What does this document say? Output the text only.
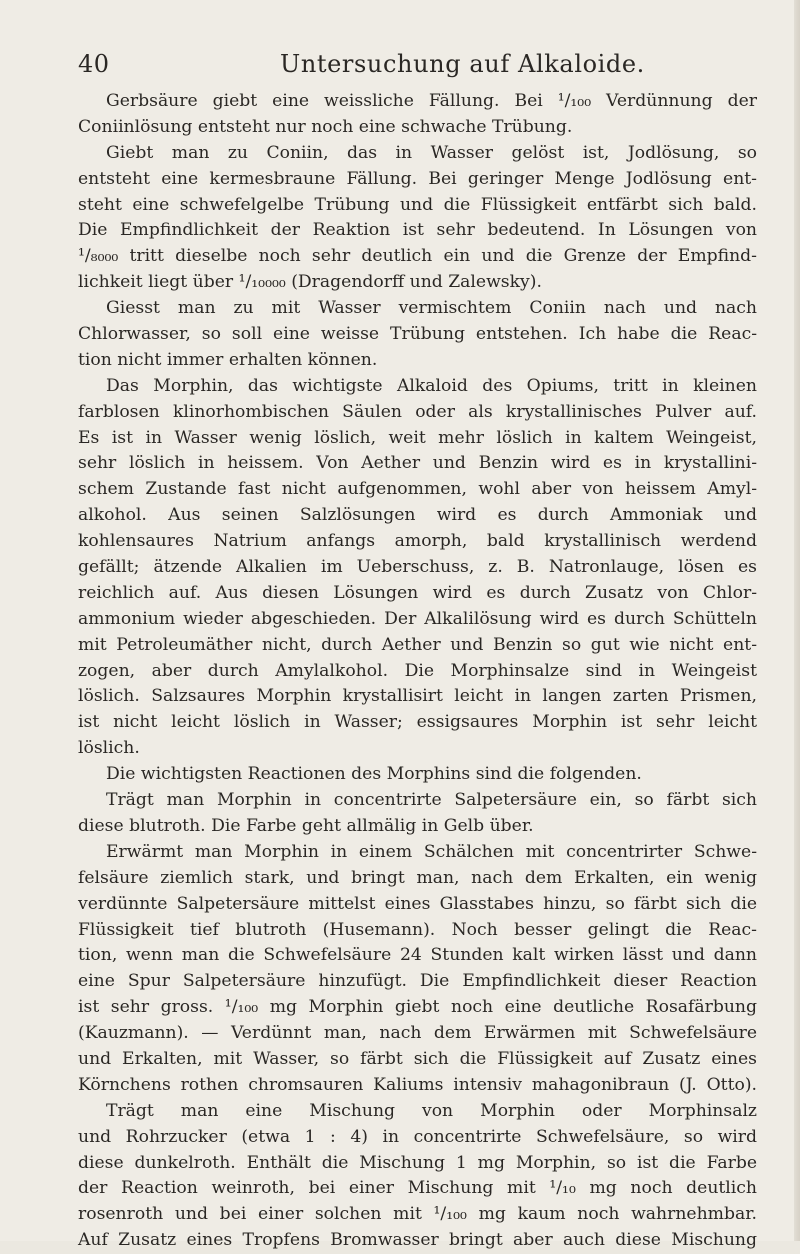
40	Untersuchung auf Alkaloide.
Gerbsäure giebt eine weissliche Fällung. Bei ¹/₁₀₀ Verdünnung der
Coniinlösung entsteht nur noch eine schwache Trübung.
Giebt man zu Coniin, das in Wasser gelöst ist, Jodlösung, so
entsteht eine kermesbraune Fällung. Bei geringer Menge Jodlösung ent-
steht eine schwefelgelbe Trübung und die Flüssigkeit entfärbt sich bald.
Die Empfindlichkeit der Reaktion ist sehr bedeutend. In Lösungen von
¹/₈₀₀₀ tritt dieselbe noch sehr deutlich ein und die Grenze der Empfind-
lichkeit liegt über ¹/₁₀₀₀₀ (Dragendorff und Zalewsky).
Giesst man zu mit Wasser vermischtem Coniin nach und nach
Chlorwasser, so soll eine weisse Trübung entstehen. Ich habe die Reac-
tion nicht immer erhalten können.
Das Morphin, das wichtigste Alkaloid des Opiums, tritt in kleinen
farblosen klinorhombischen Säulen oder als krystallinisches Pulver auf.
Es ist in Wasser wenig löslich, weit mehr löslich in kaltem Weingeist,
sehr löslich in heissem. Von Aether und Benzin wird es in krystallini-
schem Zustande fast nicht aufgenommen, wohl aber von heissem Amyl-
alkohol. Aus seinen Salzlösungen wird es durch Ammoniak und
kohlensaures Natrium anfangs amorph, bald krystallinisch werdend
gefällt; ätzende Alkalien im Ueberschuss, z. B. Natronlauge, lösen es
reichlich auf. Aus diesen Lösungen wird es durch Zusatz von Chlor-
ammonium wieder abgeschieden. Der Alkalilösung wird es durch Schütteln
mit Petroleumäther nicht, durch Aether und Benzin so gut wie nicht ent-
zogen, aber durch Amylalkohol. Die Morphinsalze sind in Weingeist
löslich. Salzsaures Morphin krystallisirt leicht in langen zarten Prismen,
ist nicht leicht löslich in Wasser; essigsaures Morphin ist sehr leicht
löslich.
Die wichtigsten Reactionen des Morphins sind die folgenden.
Trägt man Morphin in concentrirte Salpetersäure ein, so färbt sich
diese blutroth. Die Farbe geht allmälig in Gelb über.
Erwärmt man Morphin in einem Schälchen mit concentrirter Schwe-
felsäure ziemlich stark, und bringt man, nach dem Erkalten, ein wenig
verdünnte Salpetersäure mittelst eines Glasstabes hinzu, so färbt sich die
Flüssigkeit tief blutroth (Husemann). Noch besser gelingt die Reac-
tion, wenn man die Schwefelsäure 24 Stunden kalt wirken lässt und dann
eine Spur Salpetersäure hinzufügt. Die Empfindlichkeit dieser Reaction
ist sehr gross. ¹/₁₀₀ mg Morphin giebt noch eine deutliche Rosafärbung
(Kauzmann). — Verdünnt man, nach dem Erwärmen mit Schwefelsäure
und Erkalten, mit Wasser, so färbt sich die Flüssigkeit auf Zusatz eines
Körnchens rothen chromsauren Kaliums intensiv mahagonibraun (J. Otto).
Trägt man eine Mischung von Morphin oder Morphinsalz
und Rohrzucker (etwa 1 : 4) in concentrirte Schwefelsäure, so wird
diese dunkelroth. Enthält die Mischung 1 mg Morphin, so ist die Farbe
der Reaction weinroth, bei einer Mischung mit ¹/₁₀ mg noch deutlich
rosenroth und bei einer solchen mit ¹/₁₀₀ mg kaum noch wahrnehmbar.
Auf Zusatz eines Tropfens Bromwasser bringt aber auch diese Mischung
